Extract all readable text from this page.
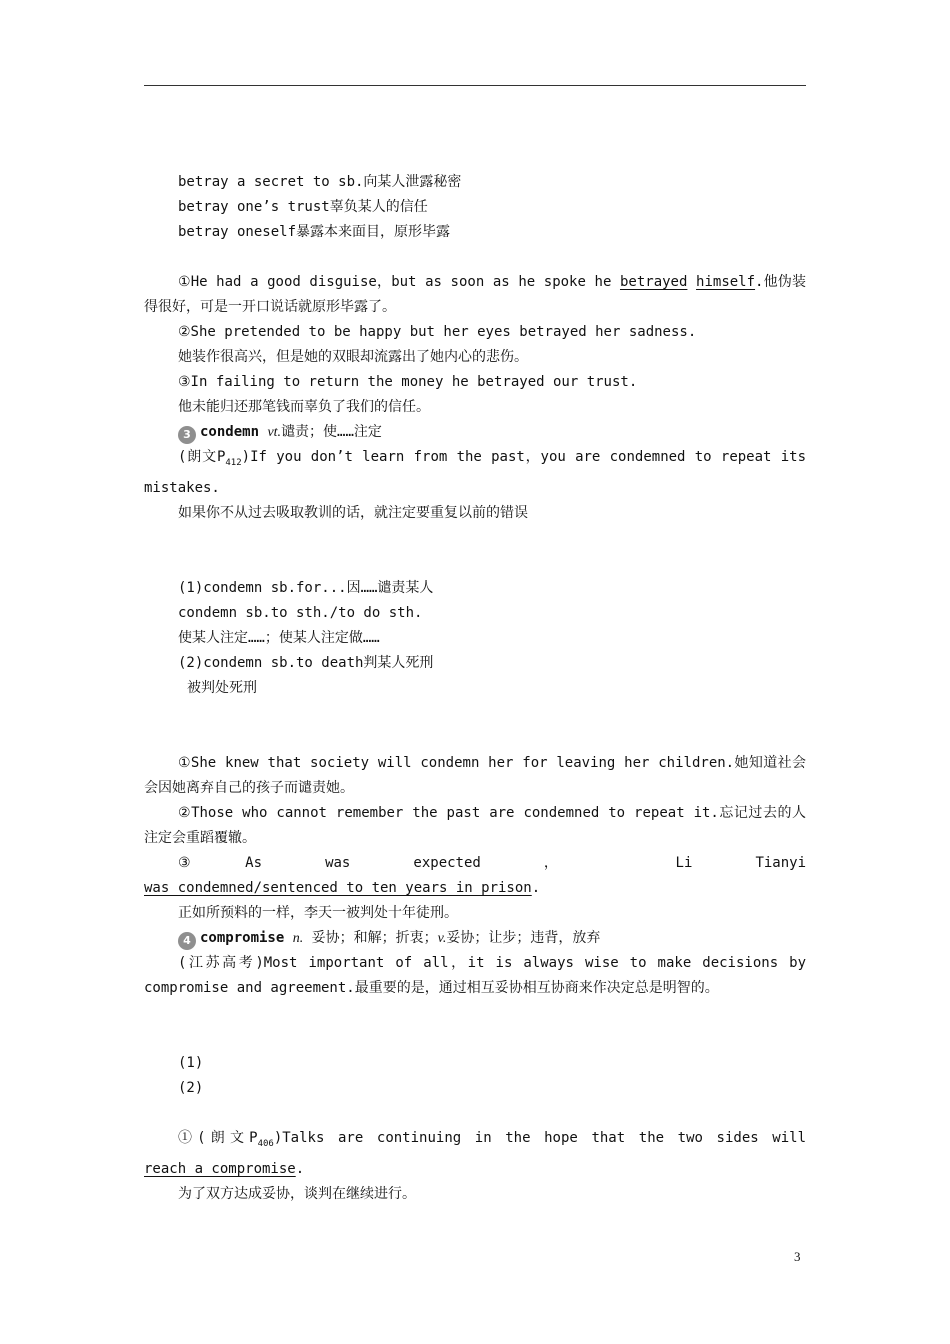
betray a secret to sb.向某人泄露秘密
betray one’s trust辜负某人的信任
betray oneself暴露本来面目，原形毕露
①He had a good disguise，but as soon as he spoke he betrayed himself.他伪装得很好，可是一开口说话就原形毕露了。
②She pretended to be happy but her eyes betrayed her sadness.
她装作很高兴，但是她的双眼却流露出了她内心的悲伤。
③In failing to return the money he betrayed our trust.
他未能归还那笔钱而辜负了我们的信任。
3 condemn vt.谴责；使……注定
(朗文$P_{412})If$ you don’t learn from the past，you are condemned to repeat its mistakes.
如果你不从过去吸取教训的话，就注定要重复以前的错误
(1)condemn sb.for...因……谴责某人
condemn sb.to sth./to do sth.
使某人注定……；使某人注定做……
(2)condemn sb.to death判某人死刑
被判处死刑
①She knew that society will condemn her for leaving her children.她知道社会会因她离弃自己的孩子而谴责她。
②Those who cannot remember the past are condemned to repeat it.忘记过去的人注定会重蹈覆辙。
③As	was	expected	，	Li	Tianyi
was condemned/sentenced to ten years in prison.
正如所预料的一样，李天一被判处十年徒刑。
4 compromise n. 妥协；和解；折衷；v.妥协；让步；违背，放弃
(江苏高考)Most important of all，it is always wise to make decisions by compromise and agreement.最重要的是，通过相互妥协相互协商来作决定总是明智的。
(1)
(2)
①(朗文$P_{406})Talks$ are continuing in the hope that the two sides will
reach a compromise.
为了双方达成妥协，谈判在继续进行。
3
